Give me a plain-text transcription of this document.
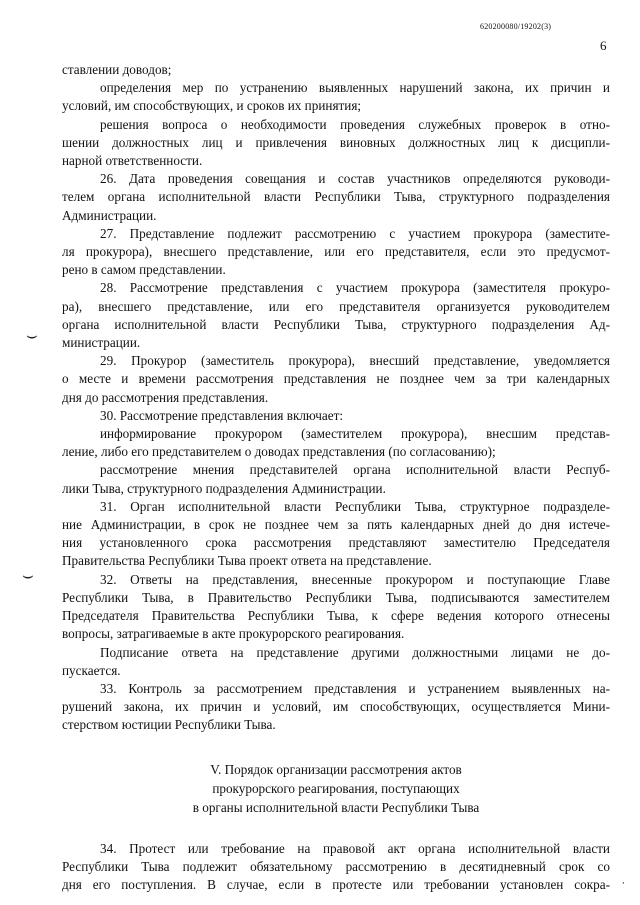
620200080/19202(3)
6
⌣
⌣
‚
ставлении доводов;
определения мер по устранению выявленных нарушений закона, их причин и
условий, им способствующих, и сроков их принятия;
решения вопроса о необходимости проведения служебных проверок в отно-
шении должностных лиц и привлечения виновных должностных лиц к дисципли-
нарной ответственности.
26. Дата проведения совещания и состав участников определяются руководи-
телем органа исполнительной власти Республики Тыва, структурного подразделения
Администрации.
27. Представление подлежит рассмотрению с участием прокурора (заместите-
ля прокурора), внесшего представление, или его представителя, если это предусмот-
рено в самом представлении.
28. Рассмотрение представления с участием прокурора (заместителя прокуро-
ра), внесшего представление, или его представителя организуется руководителем
органа исполнительной власти Республики Тыва, структурного подразделения Ад-
министрации.
29. Прокурор (заместитель прокурора), внесший представление, уведомляется
о месте и времени рассмотрения представления не позднее чем за три календарных
дня до рассмотрения представления.
30. Рассмотрение представления включает:
информирование прокурором (заместителем прокурора), внесшим представ-
ление, либо его представителем о доводах представления (по согласованию);
рассмотрение мнения представителей органа исполнительной власти Респуб-
лики Тыва, структурного подразделения Администрации.
31. Орган исполнительной власти Республики Тыва, структурное подразделе-
ние Администрации, в срок не позднее чем за пять календарных дней до дня истече-
ния установленного срока рассмотрения представляют заместителю Председателя
Правительства Республики Тыва проект ответа на представление.
32. Ответы на представления, внесенные прокурором и поступающие Главе
Республики Тыва, в Правительство Республики Тыва, подписываются заместителем
Председателя Правительства Республики Тыва, к сфере ведения которого отнесены
вопросы, затрагиваемые в акте прокурорского реагирования.
Подписание ответа на представление другими должностными лицами не до-
пускается.
33. Контроль за рассмотрением представления и устранением выявленных на-
рушений закона, их причин и условий, им способствующих, осуществляется Мини-
стерством юстиции Республики Тыва.
V. Порядок организации рассмотрения актов
прокурорского реагирования, поступающих
в органы исполнительной власти Республики Тыва
34. Протест или требование на правовой акт органа исполнительной власти
Республики Тыва подлежит обязательному рассмотрению в десятидневный срок со
дня его поступления. В случае, если в протесте или требовании установлен сокра-
